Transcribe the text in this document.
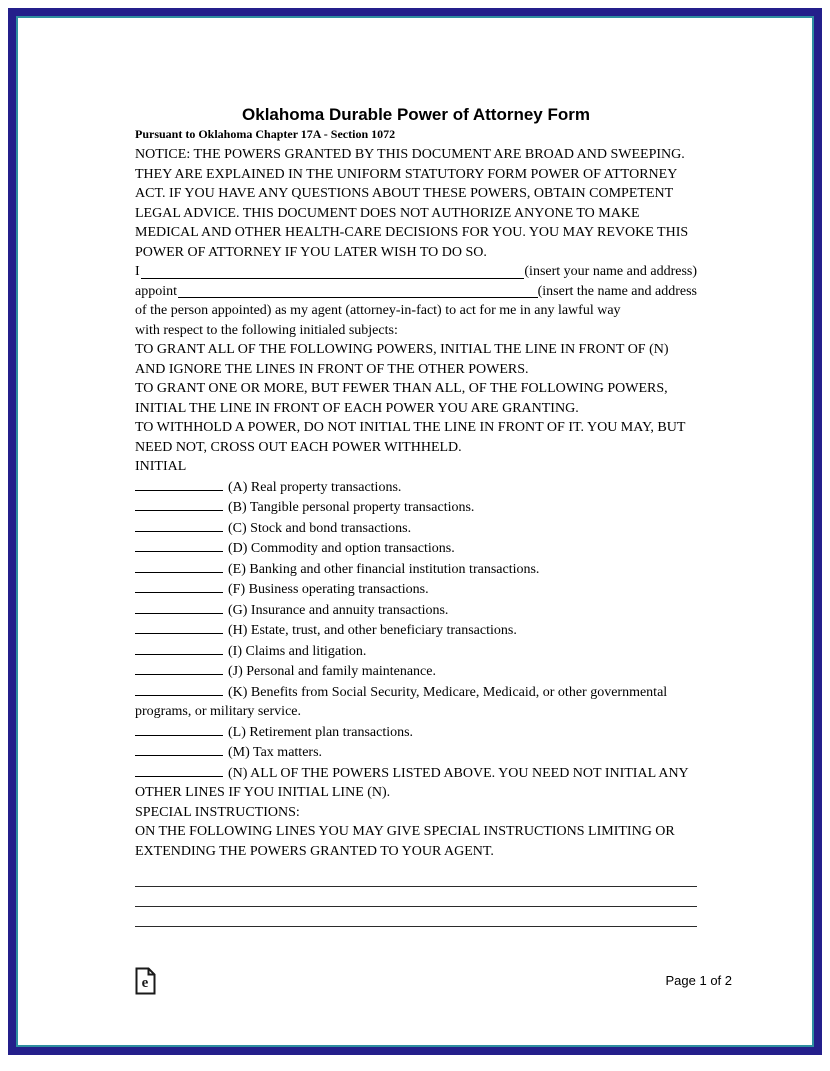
Oklahoma Durable Power of Attorney Form

Pursuant to Oklahoma Chapter 17A - Section 1072

NOTICE: THE POWERS GRANTED BY THIS DOCUMENT ARE BROAD AND SWEEPING. THEY ARE EXPLAINED IN THE UNIFORM STATUTORY FORM POWER OF ATTORNEY ACT. IF YOU HAVE ANY QUESTIONS ABOUT THESE POWERS, OBTAIN COMPETENT LEGAL ADVICE. THIS DOCUMENT DOES NOT AUTHORIZE ANYONE TO MAKE MEDICAL AND OTHER HEALTH-CARE DECISIONS FOR YOU. YOU MAY REVOKE THIS POWER OF ATTORNEY IF YOU LATER WISH TO DO SO.

I	(insert your name and address)

appoint	(insert the name and address

of the person appointed) as my agent (attorney-in-fact) to act for me in any lawful way

with respect to the following initialed subjects:

TO GRANT ALL OF THE FOLLOWING POWERS, INITIAL THE LINE IN FRONT OF (N) AND IGNORE THE LINES IN FRONT OF THE OTHER POWERS.

TO GRANT ONE OR MORE, BUT FEWER THAN ALL, OF THE FOLLOWING POWERS, INITIAL THE LINE IN FRONT OF EACH POWER YOU ARE GRANTING.

TO WITHHOLD A POWER, DO NOT INITIAL THE LINE IN FRONT OF IT. YOU MAY, BUT NEED NOT, CROSS OUT EACH POWER WITHHELD.

INITIAL

(A) Real property transactions.

(B) Tangible personal property transactions.

(C) Stock and bond transactions.

(D) Commodity and option transactions.

(E) Banking and other financial institution transactions.

(F) Business operating transactions.

(G) Insurance and annuity transactions.

(H) Estate, trust, and other beneficiary transactions.

(I) Claims and litigation.

(J) Personal and family maintenance.

(K) Benefits from Social Security, Medicare, Medicaid, or other governmental programs, or military service.

(L) Retirement plan transactions.

(M) Tax matters.

(N) ALL OF THE POWERS LISTED ABOVE. YOU NEED NOT INITIAL ANY OTHER LINES IF YOU INITIAL LINE (N).

SPECIAL INSTRUCTIONS:

ON THE FOLLOWING LINES YOU MAY GIVE SPECIAL INSTRUCTIONS LIMITING OR EXTENDING THE POWERS GRANTED TO YOUR AGENT.

e	Page 1 of 2
